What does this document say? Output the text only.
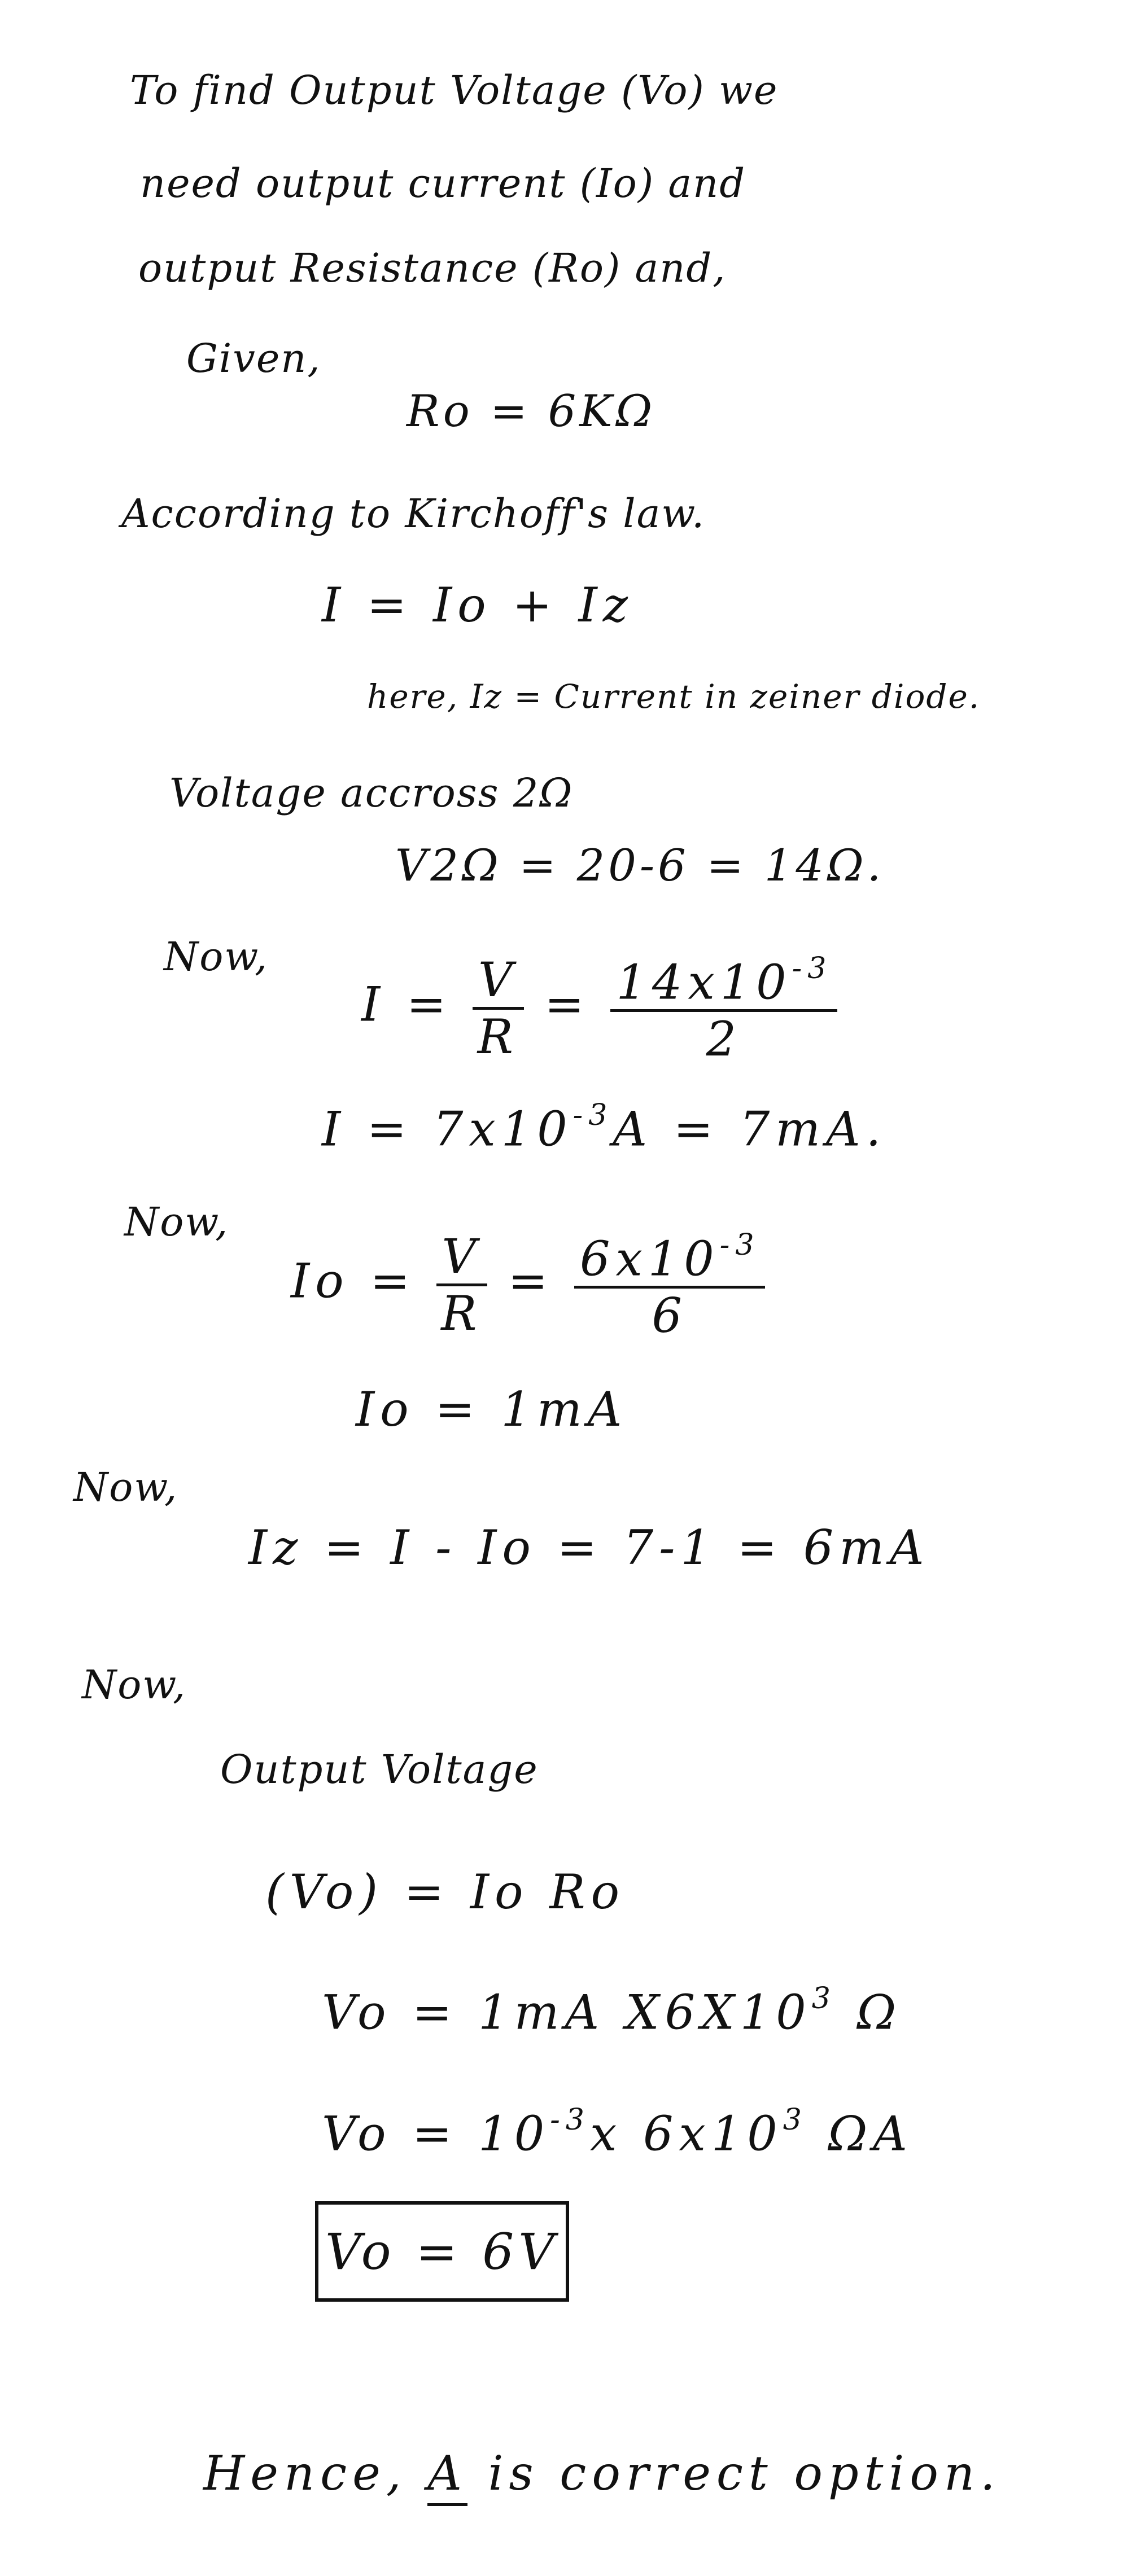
To find Output Voltage (Vo) we
need output current (Io) and
output Resistance (Ro) and,
Given,
Ro = 6KΩ
According to Kirchoff's law.
I = Io + Iz
here, Iz = Current in zeiner diode.
Voltage accross 2Ω
V2Ω = 20-6 = 14Ω.
Now,
$I = \frac{V}{R} = \frac{14x10^{-3}}{2}$
$I = 7x10^{-3}A = 7mA$.
Now,
$Io = \frac{V}{R} = \frac{6x10^{-3}}{6}$
Io = 1mA
Now,
Iz = I - Io = 7-1 = 6mA
Now,
Output Voltage
(Vo) = Io Ro
Vo = 1mA $X6X10^3$ Ω
$Vo = 10^{-3}x$ $6x10^3$ ΩA
Vo = 6V
Hence, A is correct option.
